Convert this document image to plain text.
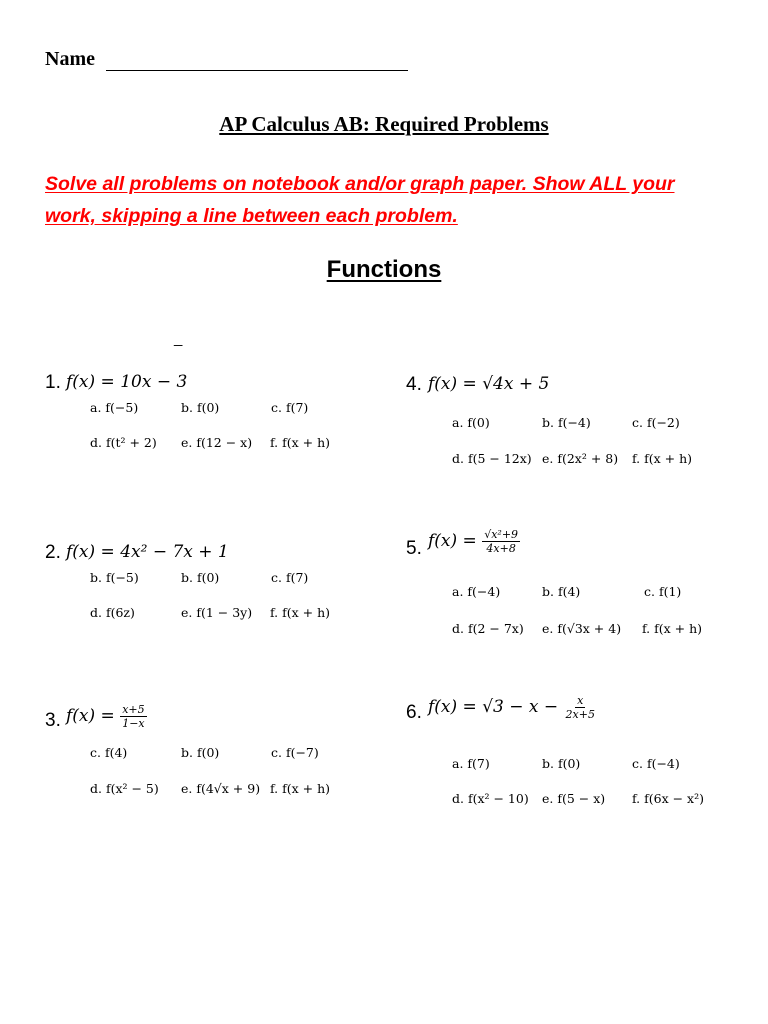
Name
AP Calculus AB: Required Problems
Solve all problems on notebook and/or graph paper. Show ALL your
work, skipping a line between each problem.
Functions
_
1. f(x) = 10x − 3
a. f(−5)	b. f(0)	c. f(7)
d. f(t² + 2) e. f(12 − x) f. f(x + h)
2. f(x) = 4x² − 7x + 1
b. f(−5)	b. f(0)	c. f(7)
d. f(6z)	e. f(1 − 3y) f. f(x + h)
3. $f(x) = \frac{x+5}{1-x}$
c. f(4)	b. f(0)	c. f(−7)
d. f(x² − 5) e. f(4√x + 9) f. f(x + h)
4. f(x) = √4x + 5
a. f(0)	b. f(−4)	c. f(−2)
d. f(5 − 12x) e. f(2x² + 8) f. f(x + h)
5. $f(x) = \frac{\text{√x²+9}}{4x+8}$
a. f(−4)	b. f(4)	c. f(1)
d. f(2 − 7x) e. f(√3x + 4) f. f(x + h)
6. $f(x) = √3 - x - \frac{x}{2x+5}$
a. f(7)	b. f(0)	c. f(−4)
d. f(x² − 10) e. f(5 − x) f. f(6x − x²)
